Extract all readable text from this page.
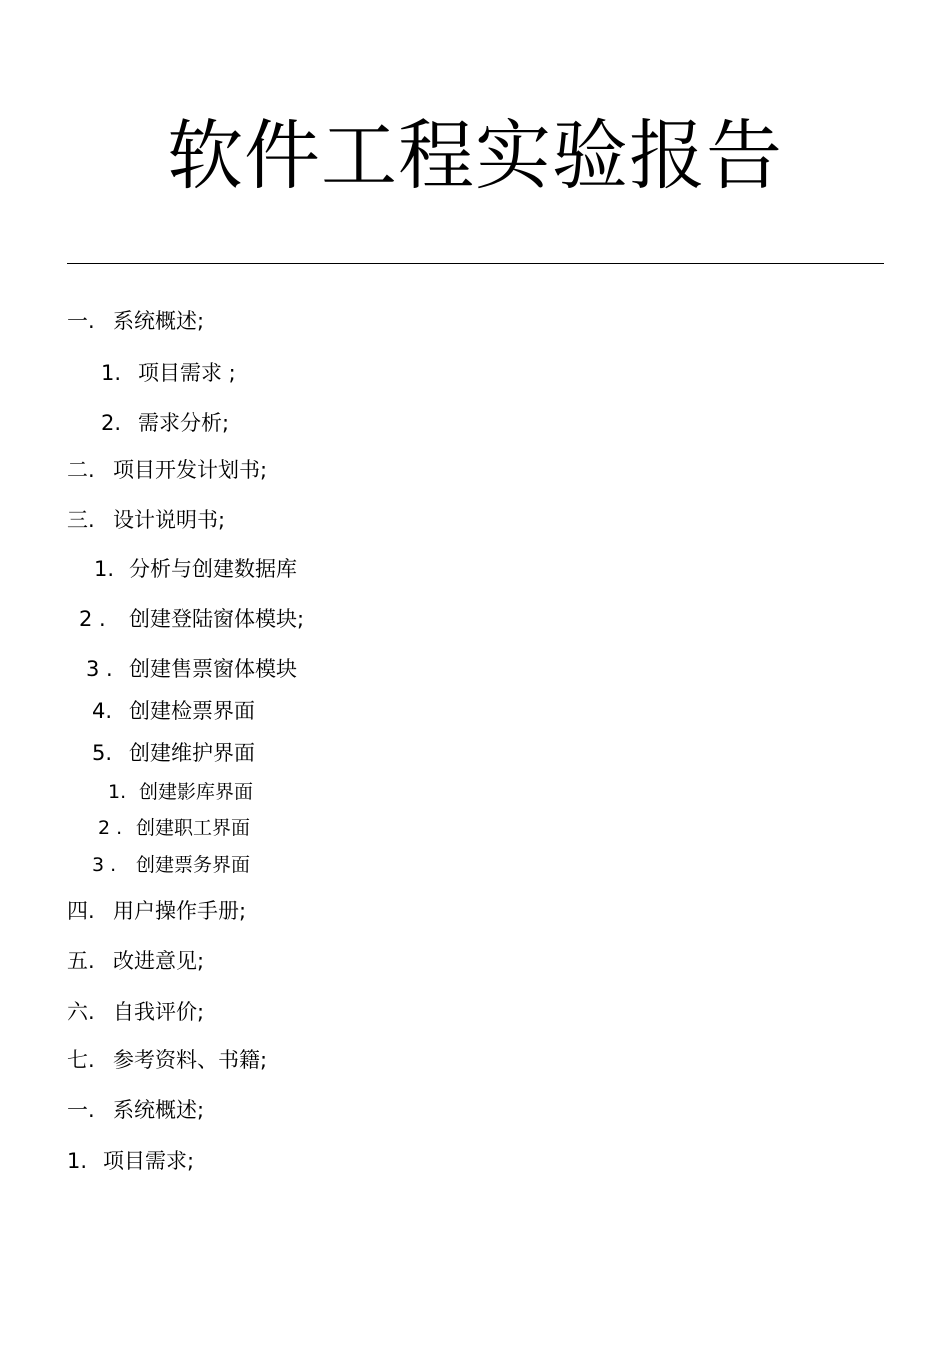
软件工程实验报告
一. 系统概述;
1. 项目需求 ;
2. 需求分析;
二. 项目开发计划书;
三. 设计说明书;
1. 分析与创建数据库
2 . 创建登陆窗体模块;
3 . 创建售票窗体模块
4. 创建检票界面
5. 创建维护界面
1. 创建影库界面
2 . 创建职工界面
3 . 创建票务界面
四. 用户操作手册;
五. 改进意见;
六. 自我评价;
七. 参考资料、书籍;
一. 系统概述;
1. 项目需求;
